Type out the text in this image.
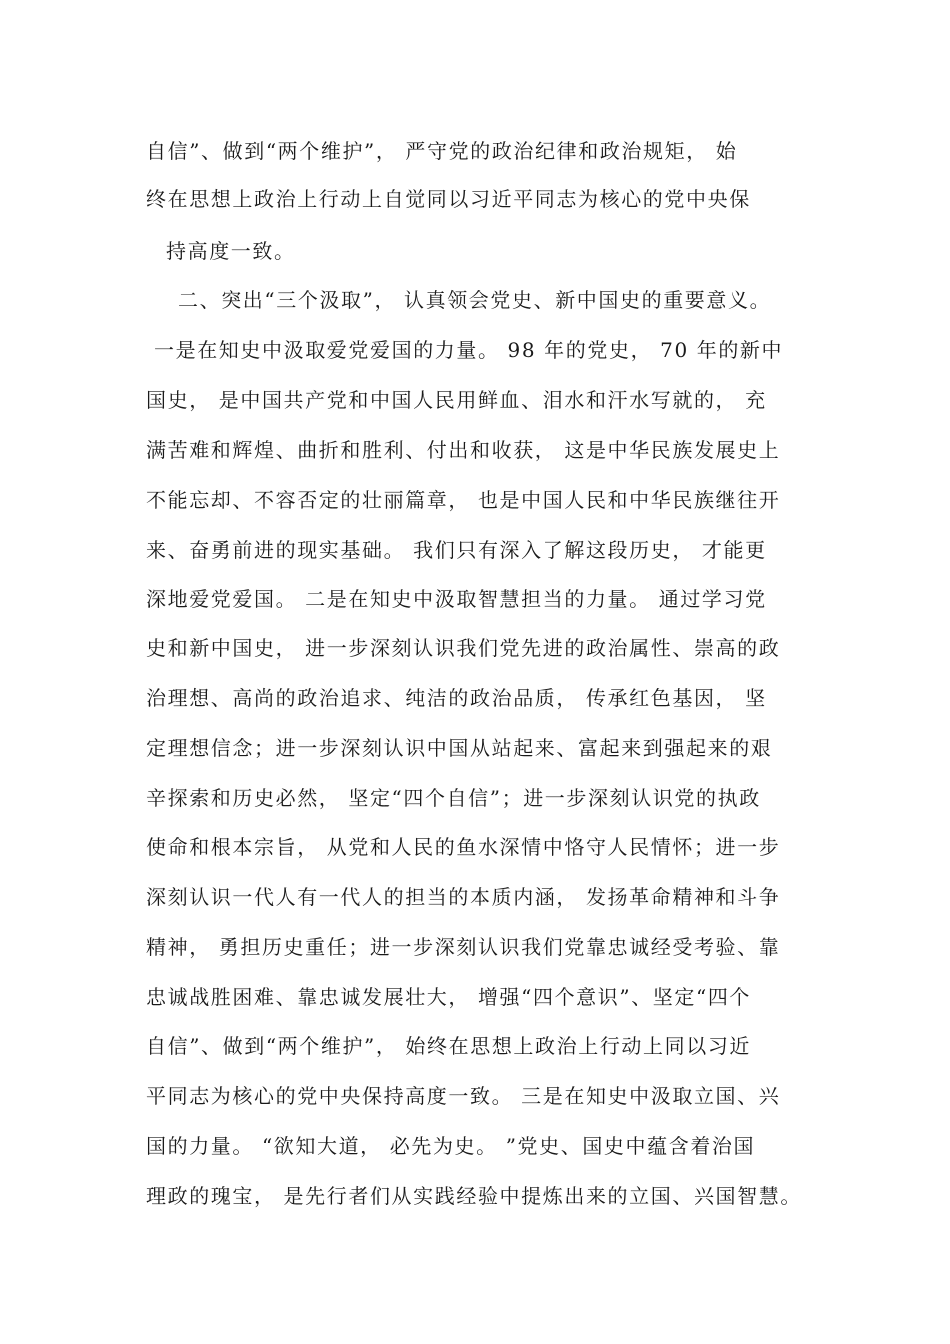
自信”、做到“两个维护”， 严守党的政治纪律和政治规矩， 始
终在思想上政治上行动上自觉同以习近平同志为核心的党中央保
持高度一致。
二、突出“三个汲取”， 认真领会党史、新中国史的重要意义。
一是在知史中汲取爱党爱国的力量。 98 年的党史， 70 年的新中
国史， 是中国共产党和中国人民用鲜血、泪水和汗水写就的， 充
满苦难和辉煌、曲折和胜利、付出和收获， 这是中华民族发展史上
不能忘却、不容否定的壮丽篇章， 也是中国人民和中华民族继往开
来、奋勇前进的现实基础。 我们只有深入了解这段历史， 才能更
深地爱党爱国。 二是在知史中汲取智慧担当的力量。 通过学习党
史和新中国史， 进一步深刻认识我们党先进的政治属性、崇高的政
治理想、高尚的政治追求、纯洁的政治品质， 传承红色基因， 坚
定理想信念；进一步深刻认识中国从站起来、富起来到强起来的艰
辛探索和历史必然， 坚定“四个自信”；进一步深刻认识党的执政
使命和根本宗旨， 从党和人民的鱼水深情中恪守人民情怀；进一步
深刻认识一代人有一代人的担当的本质内涵， 发扬革命精神和斗争
精神， 勇担历史重任；进一步深刻认识我们党靠忠诚经受考验、靠
忠诚战胜困难、靠忠诚发展壮大， 增强“四个意识”、坚定“四个
自信”、做到“两个维护”， 始终在思想上政治上行动上同以习近
平同志为核心的党中央保持高度一致。 三是在知史中汲取立国、兴
国的力量。 “欲知大道， 必先为史。 ”党史、国史中蕴含着治国
理政的瑰宝， 是先行者们从实践经验中提炼出来的立国、兴国智慧。
